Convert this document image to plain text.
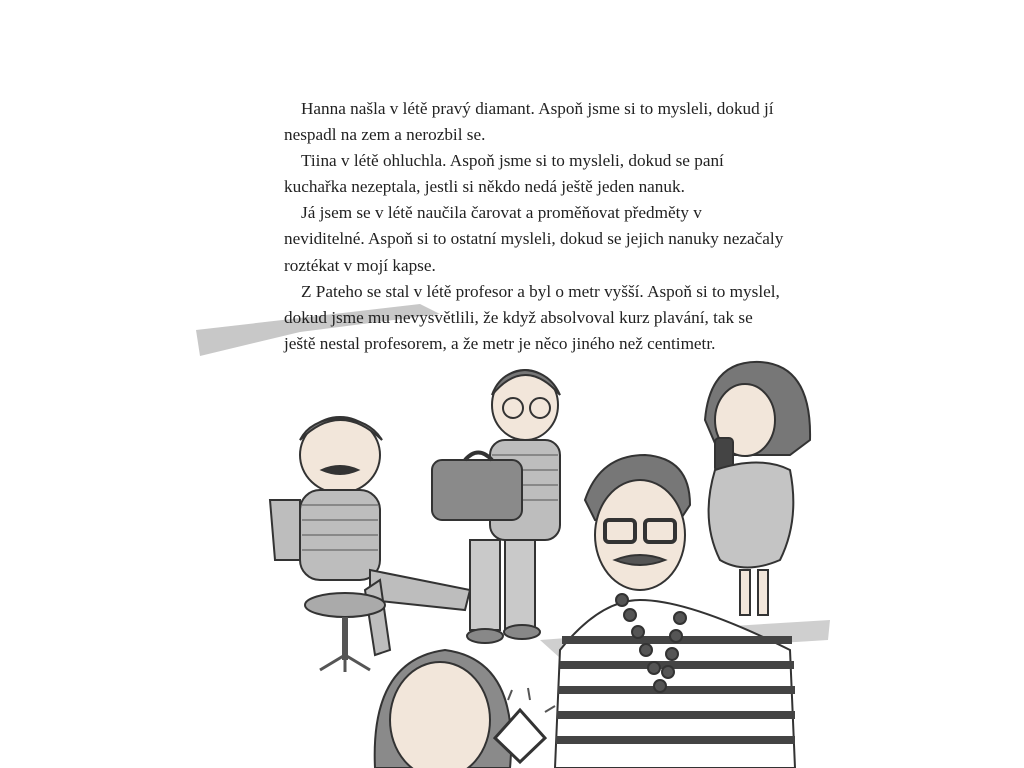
Hanna našla v létě pravý diamant. Aspoň jsme si to mysleli, dokud jí nespadl na zem a nerozbil se.

Tiina v létě ohluchla. Aspoň jsme si to mysleli, dokud se paní kuchařka nezeptala, jestli si někdo nedá ještě jeden nanuk.

Já jsem se v létě naučila čarovat a proměňovat předměty v neviditelné. Aspoň si to ostatní mysleli, dokud se jejich nanuky nezačaly roztékat v mojí kapse.

Z Pateho se stal v létě profesor a byl o metr vyšší. Aspoň si to myslel, dokud jsme mu nevysvětlili, že když absolvoval kurz plavání, tak se ještě nestal profesorem, a že metr je něco jiného než centimetr.
